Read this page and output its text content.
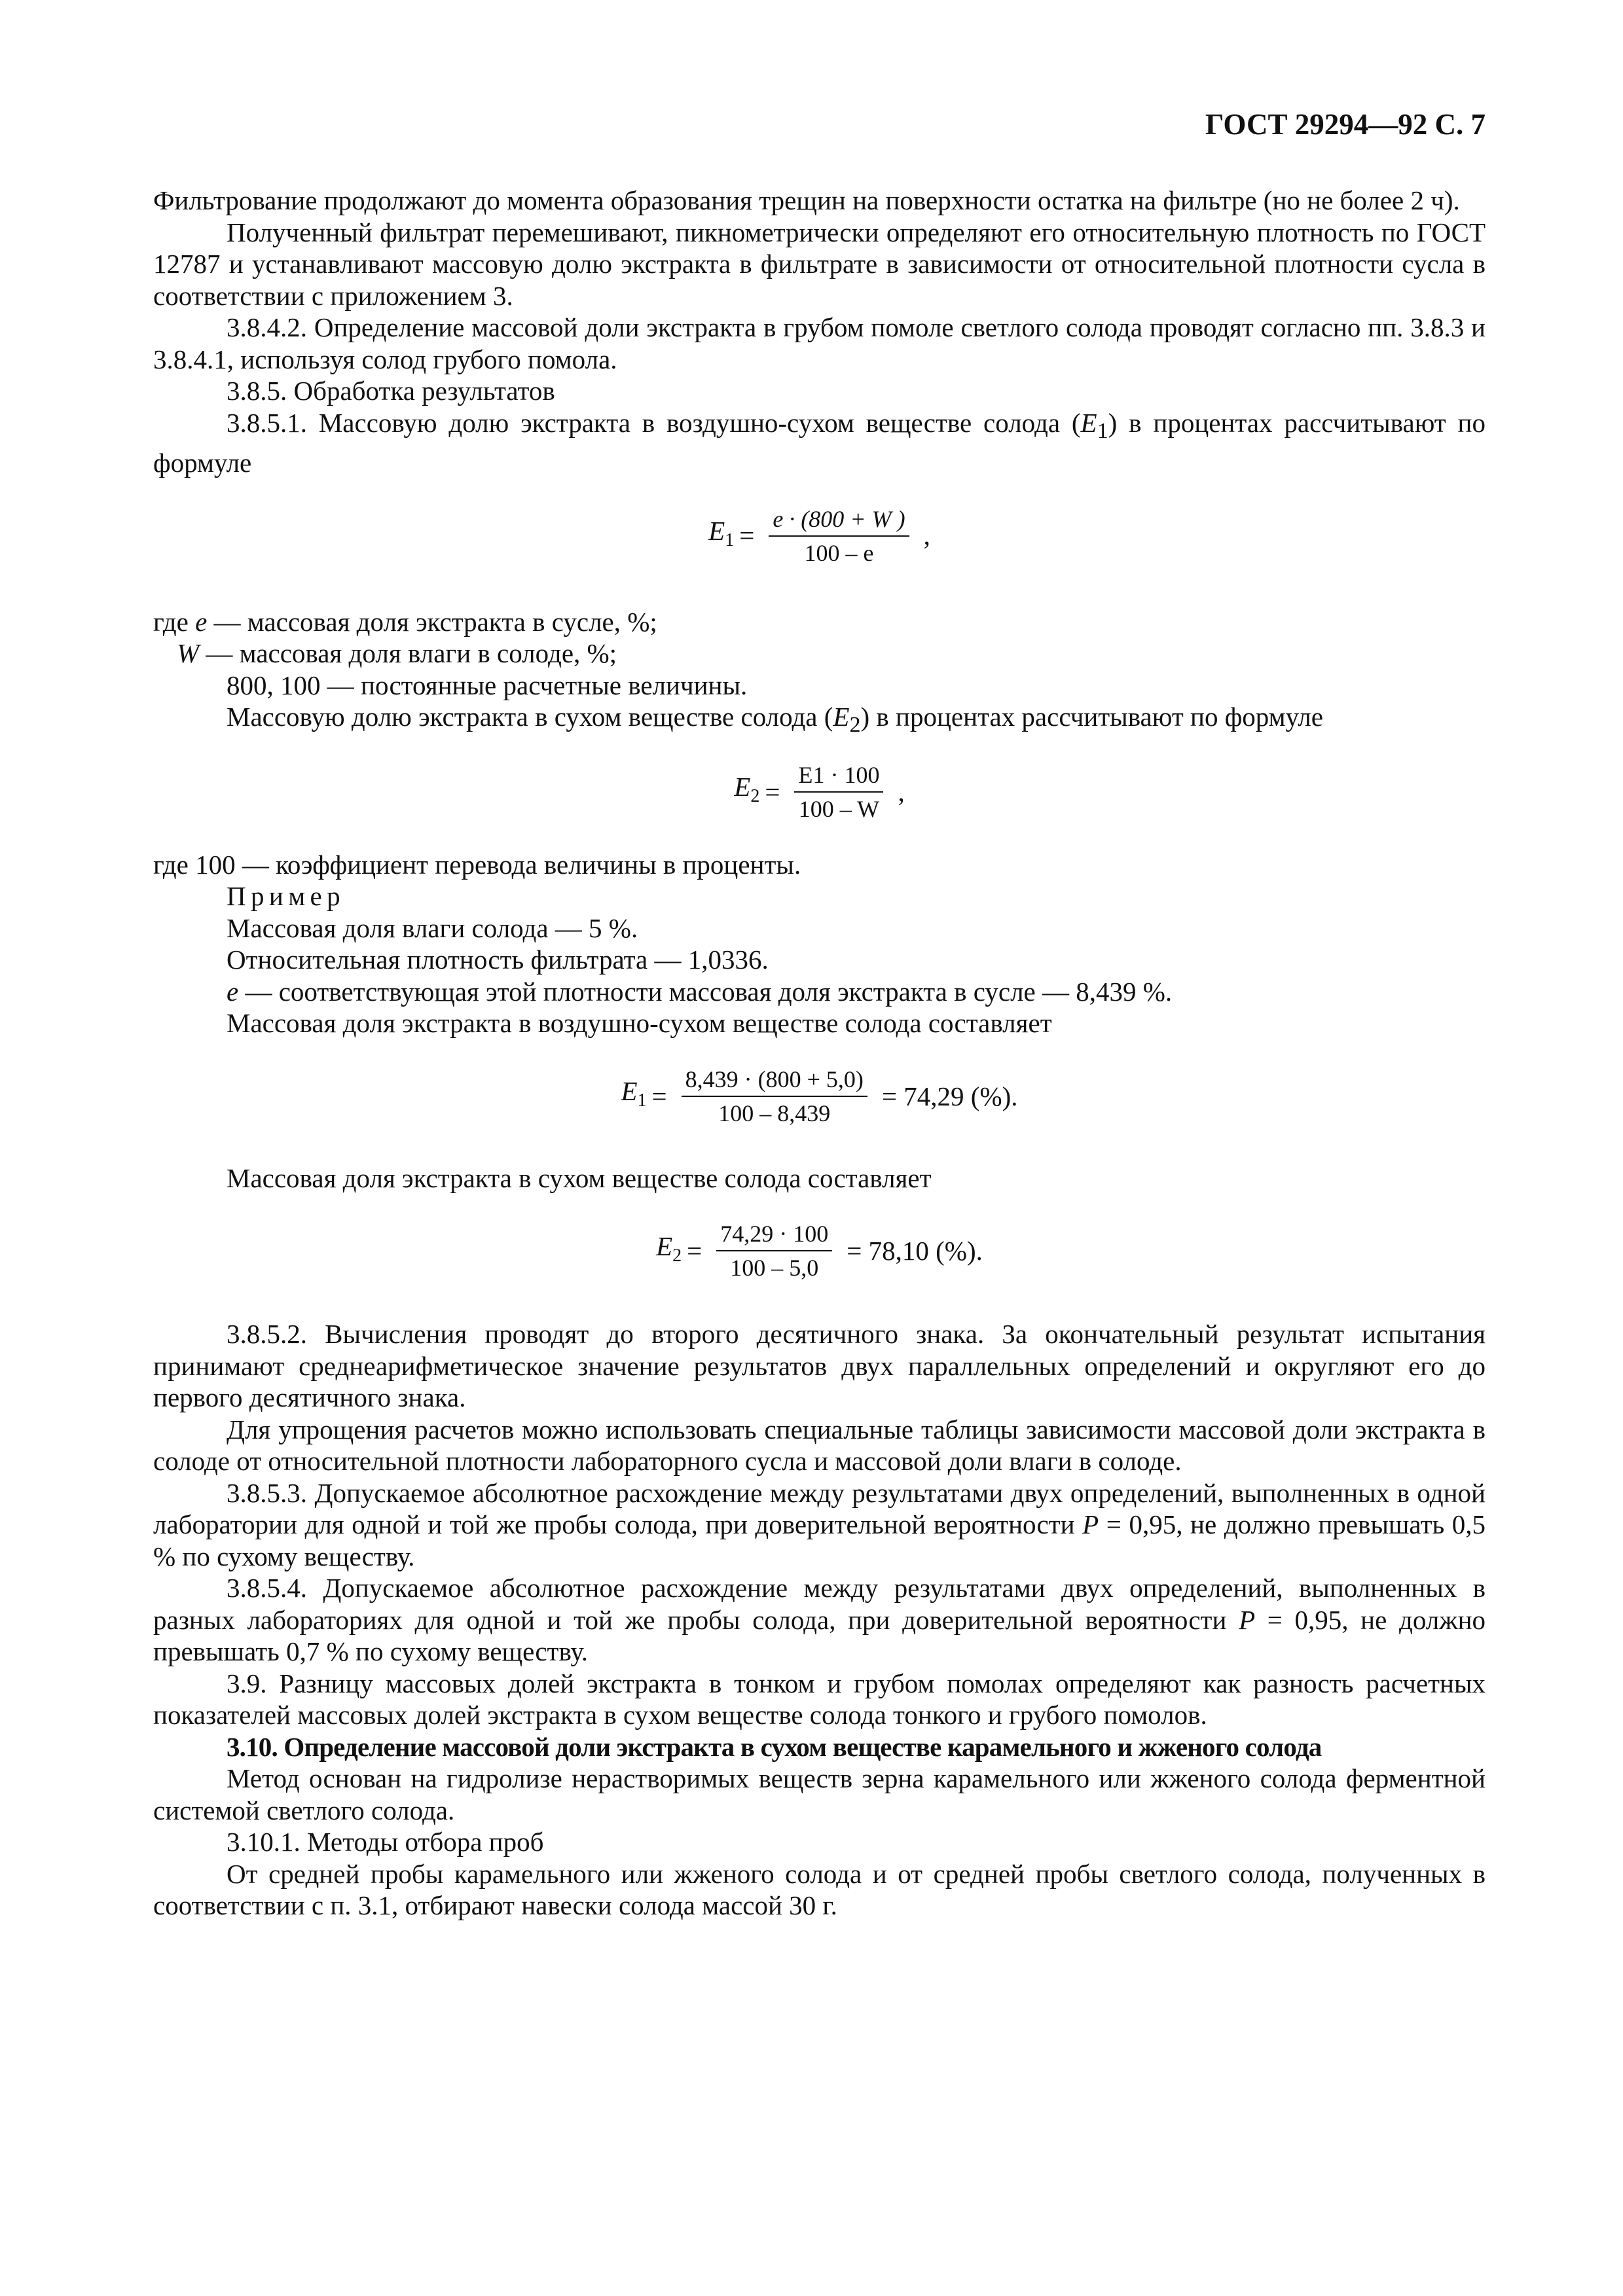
ГОСТ 29294—92 С. 7

Фильтрование продолжают до момента образования трещин на поверхности остатка на фильтре (но не более 2 ч).

Полученный фильтрат перемешивают, пикнометрически определяют его относительную плотность по ГОСТ 12787 и устанавливают массовую долю экстракта в фильтрате в зависимости от относительной плотности сусла в соответствии с приложением 3.

3.8.4.2. Определение массовой доли экстракта в грубом помоле светлого солода проводят согласно пп. 3.8.3 и 3.8.4.1, используя солод грубого помола.

3.8.5. Обработка результатов

3.8.5.1. Массовую долю экстракта в воздушно-сухом веществе солода $(E_1)$ в процентах рассчитывают по формуле

$E_1 = \frac{e \cdot (800 + W )}{100 - e}$ ,

где e — массовая доля экстракта в сусле, %;

W — массовая доля влаги в солоде, %;

800, 100 — постоянные расчетные величины.

Массовую долю экстракта в сухом веществе солода $(E_2)$ в процентах рассчитывают по формуле

$E_2 = \frac{E1 \cdot 100}{100 - W}$ ,

где 100 — коэффициент перевода величины в проценты.

Пример

Массовая доля влаги солода — 5 %.

Относительная плотность фильтрата — 1,0336.

e — соответствующая этой плотности массовая доля экстракта в сусле — 8,439 %.

Массовая доля экстракта в воздушно-сухом веществе солода составляет

$E_1 = \frac{8,439 \cdot (800 + 5,0)}{100 - 8,439} = 74,29$ (%).

Массовая доля экстракта в сухом веществе солода составляет

$E_2 = \frac{74,29 \cdot 100}{100 - 5,0} = 78,10$ (%).

3.8.5.2. Вычисления проводят до второго десятичного знака. За окончательный результат испытания принимают среднеарифметическое значение результатов двух параллельных определений и округляют его до первого десятичного знака.

Для упрощения расчетов можно использовать специальные таблицы зависимости массовой доли экстракта в солоде от относительной плотности лабораторного сусла и массовой доли влаги в солоде.

3.8.5.3. Допускаемое абсолютное расхождение между результатами двух определений, выполненных в одной лаборатории для одной и той же пробы солода, при доверительной вероятности P = 0,95, не должно превышать 0,5 % по сухому веществу.

3.8.5.4. Допускаемое абсолютное расхождение между результатами двух определений, выполненных в разных лабораториях для одной и той же пробы солода, при доверительной вероятности P = 0,95, не должно превышать 0,7 % по сухому веществу.

3.9. Разницу массовых долей экстракта в тонком и грубом помолах определяют как разность расчетных показателей массовых долей экстракта в сухом веществе солода тонкого и грубого помолов.

3.10. Определение массовой доли экстракта в сухом веществе карамельного и жженого солода

Метод основан на гидролизе нерастворимых веществ зерна карамельного или жженого солода ферментной системой светлого солода.

3.10.1. Методы отбора проб

От средней пробы карамельного или жженого солода и от средней пробы светлого солода, полученных в соответствии с п. 3.1, отбирают навески солода массой 30 г.
